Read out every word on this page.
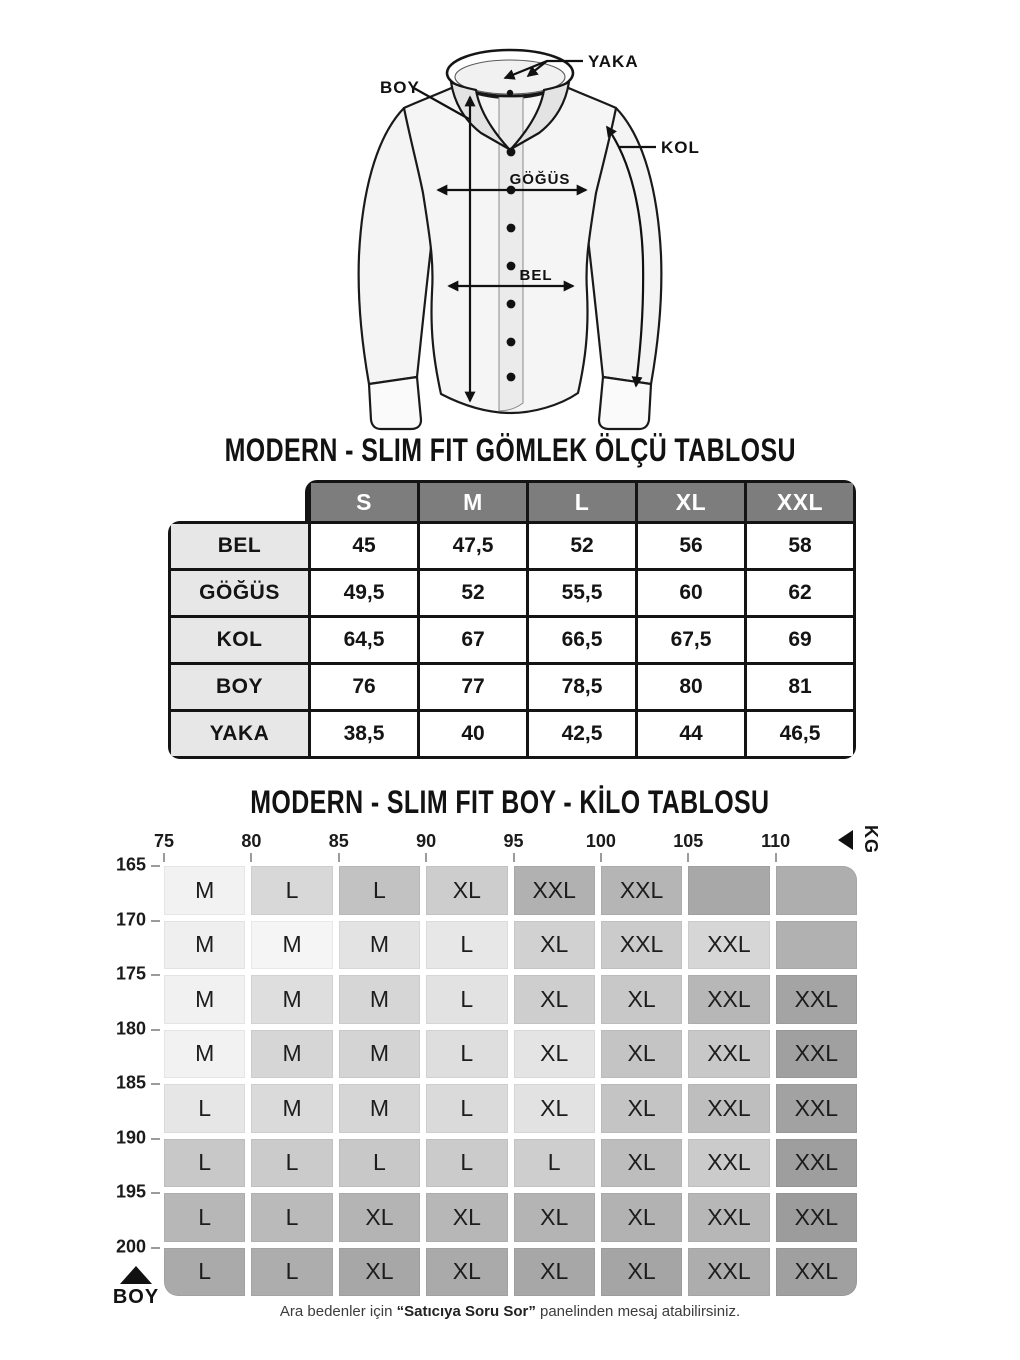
YAKA
BOY
KOL
GÖĞÜS
BEL
MODERN - SLIM FIT GÖMLEK ÖLÇÜ TABLOSU
S	M	L	XL	XXL
BEL	45	47,5	52	56	58
GÖĞÜS	49,5	52	55,5	60	62
KOL	64,5	67	66,5	67,5	69
BOY	76	77	78,5	80	81
YAKA	38,5	40	42,5	44	46,5
MODERN - SLIM FIT BOY - KİLO TABLOSU
M	L	L	XL	XXL	XXL
M	M	M	L	XL	XXL	XXL
M	M	M	L	XL	XL	XXL	XXL
M	M	M	L	XL	XL	XXL	XXL
L	M	M	L	XL	XL	XXL	XXL
L	L	L	L	L	XL	XXL	XXL
L	L	XL	XL	XL	XL	XXL	XXL
L	L	XL	XL	XL	XL	XXL	XXL
KG
BOY
75	80	85	90	95	100	105	110
165
170
175
180
185
190
195
200
Ara bedenler için “Satıcıya Soru Sor” panelinden mesaj atabilirsiniz.
